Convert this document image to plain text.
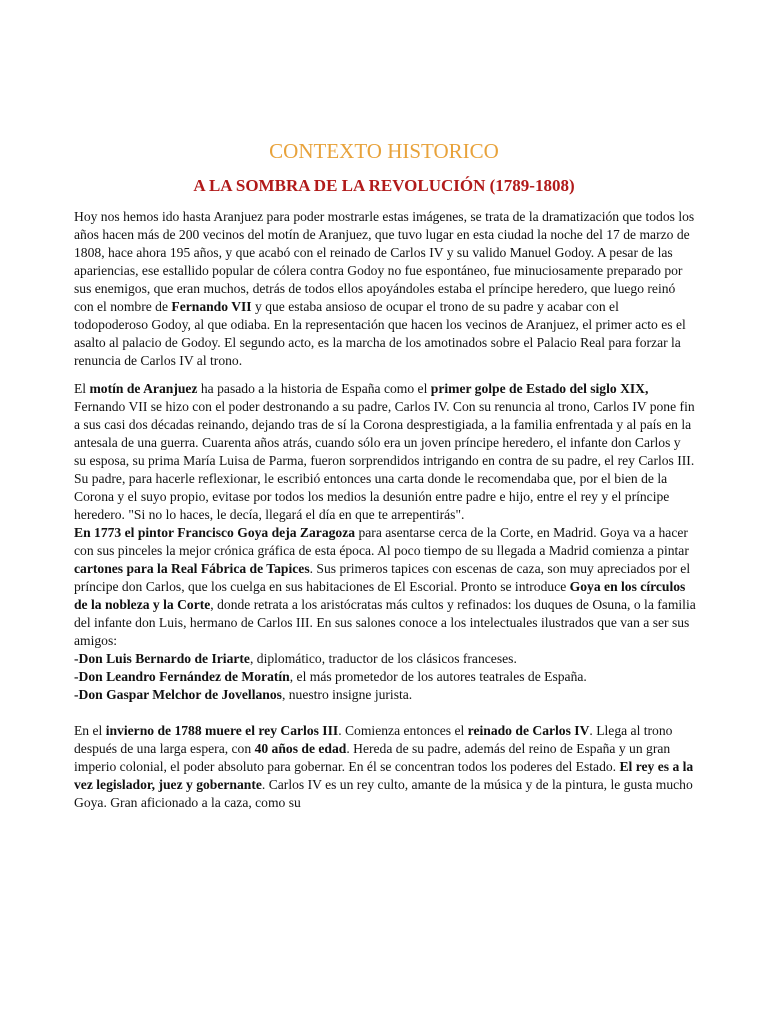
CONTEXTO HISTORICO
A LA SOMBRA DE LA REVOLUCIÓN (1789-1808)

Hoy nos hemos ido hasta Aranjuez para poder mostrarle estas imágenes, se trata de la dramatización que todos los años hacen más de 200 vecinos del motín de Aranjuez, que tuvo lugar en esta ciudad la noche del 17 de marzo de 1808, hace ahora 195 años, y que acabó con el reinado de Carlos IV y su valido Manuel Godoy. A pesar de las apariencias, ese estallido popular de cólera contra Godoy no fue espontáneo, fue minuciosamente preparado por sus enemigos, que eran muchos, detrás de todos ellos apoyándoles estaba el príncipe heredero, que luego reinó con el nombre de Fernando VII y que estaba ansioso de ocupar el trono de su padre y acabar con el todopoderoso Godoy, al que odiaba. En la representación que hacen los vecinos de Aranjuez, el primer acto es el asalto al palacio de Godoy. El segundo acto, es la marcha de los amotinados sobre el Palacio Real para forzar la renuncia de Carlos IV al trono.

El motín de Aranjuez ha pasado a la historia de España como el primer golpe de Estado del siglo XIX, Fernando VII se hizo con el poder destronando a su padre, Carlos IV. Con su renuncia al trono, Carlos IV pone fin a sus casi dos décadas reinando, dejando tras de sí la Corona desprestigiada, a la familia enfrentada y al país en la antesala de una guerra. Cuarenta años atrás, cuando sólo era un joven príncipe heredero, el infante don Carlos y su esposa, su prima María Luisa de Parma, fueron sorprendidos intrigando en contra de su padre, el rey Carlos III. Su padre, para hacerle reflexionar, le escribió entonces una carta donde le recomendaba que, por el bien de la Corona y el suyo propio, evitase por todos los medios la desunión entre padre e hijo, entre el rey y el príncipe heredero. "Si no lo haces, le decía, llegará el día en que te arrepentirás".

En 1773 el pintor Francisco Goya deja Zaragoza para asentarse cerca de la Corte, en Madrid. Goya va a hacer con sus pinceles la mejor crónica gráfica de esta época. Al poco tiempo de su llegada a Madrid comienza a pintar cartones para la Real Fábrica de Tapices. Sus primeros tapices con escenas de caza, son muy apreciados por el príncipe don Carlos, que los cuelga en sus habitaciones de El Escorial. Pronto se introduce Goya en los círculos de la nobleza y la Corte, donde retrata a los aristócratas más cultos y refinados: los duques de Osuna, o la familia del infante don Luis, hermano de Carlos III. En sus salones conoce a los intelectuales ilustrados que van a ser sus amigos:

-Don Luis Bernardo de Iriarte, diplomático, traductor de los clásicos franceses.

-Don Leandro Fernández de Moratín, el más prometedor de los autores teatrales de España.

-Don Gaspar Melchor de Jovellanos, nuestro insigne jurista.

En el invierno de 1788 muere el rey Carlos III. Comienza entonces el reinado de Carlos IV. Llega al trono después de una larga espera, con 40 años de edad. Hereda de su padre, además del reino de España y un gran imperio colonial, el poder absoluto para gobernar. En él se concentran todos los poderes del Estado. El rey es a la vez legislador, juez y gobernante. Carlos IV es un rey culto, amante de la música y de la pintura, le gusta mucho Goya. Gran aficionado a la caza, como su
